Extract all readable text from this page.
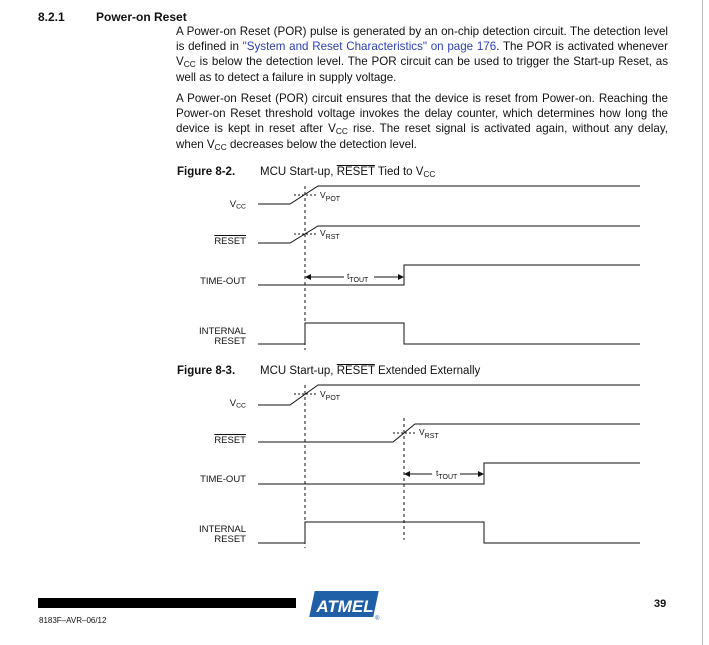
8.2.1	Power-on Reset

A Power-on Reset (POR) pulse is generated by an on-chip detection circuit. The detection level is defined in "System and Reset Characteristics" on page 176. The POR is activated whenever VCC is below the detection level. The POR circuit can be used to trigger the Start-up Reset, as well as to detect a failure in supply voltage.

A Power-on Reset (POR) circuit ensures that the device is reset from Power-on. Reaching the Power-on Reset threshold voltage invokes the delay counter, which determines how long the device is kept in reset after VCC rise. The reset signal is activated again, without any delay, when VCC decreases below the detection level.

Figure 8-2. MCU Start-up, RESET Tied to VCC
VCC
RESET
TIME-OUT
INTERNAL
RESET
$V_{POT}$
$V_{RST}$
$t_{TOUT}$
Figure 8-3. MCU Start-up, RESET Extended Externally
VCC
RESET
TIME-OUT
INTERNAL
RESET
$V_{POT}$
$V_{RST}$
$t_{TOUT}$
ATMEL
®
39
8183F–AVR–06/12
